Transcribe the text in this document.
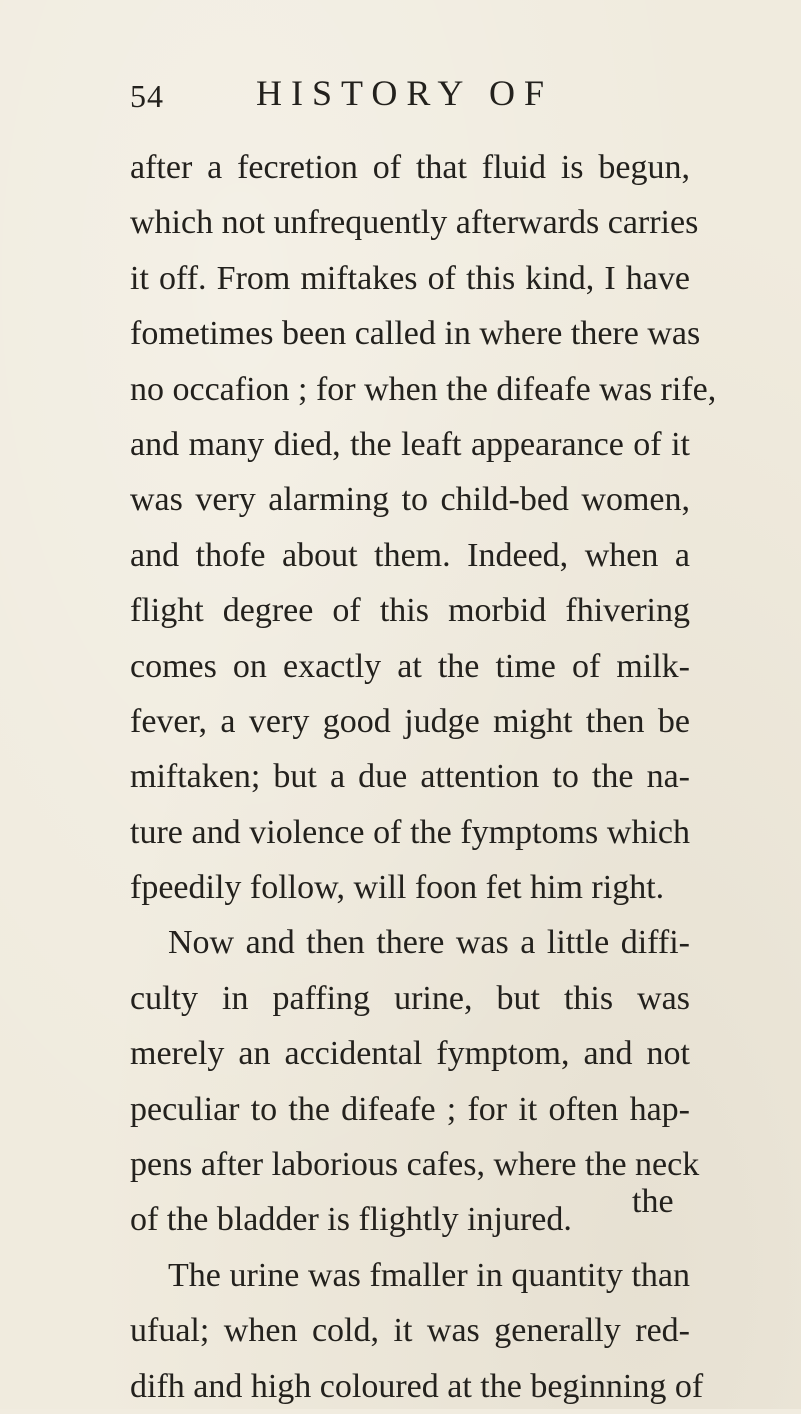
54	HISTORY OF
after a fecretion of that fluid is begun,
which not unfrequently afterwards carries
it off. From miftakes of this kind, I have
fometimes been called in where there was
no occafion ; for when the difeafe was rife,
and many died, the leaft appearance of it
was very alarming to child-bed women,
and thofe about them. Indeed, when a
flight degree of this morbid fhivering
comes on exactly at the time of milk-
fever, a very good judge might then be
miftaken; but a due attention to the na-
ture and violence of the fymptoms which
fpeedily follow, will foon fet him right.
Now and then there was a little diffi-
culty in paffing urine, but this was
merely an accidental fymptom, and not
peculiar to the difeafe ; for it often hap-
pens after laborious cafes, where the neck
of the bladder is flightly injured.
The urine was fmaller in quantity than
ufual; when cold, it was generally red-
difh and high coloured at the beginning of
the
